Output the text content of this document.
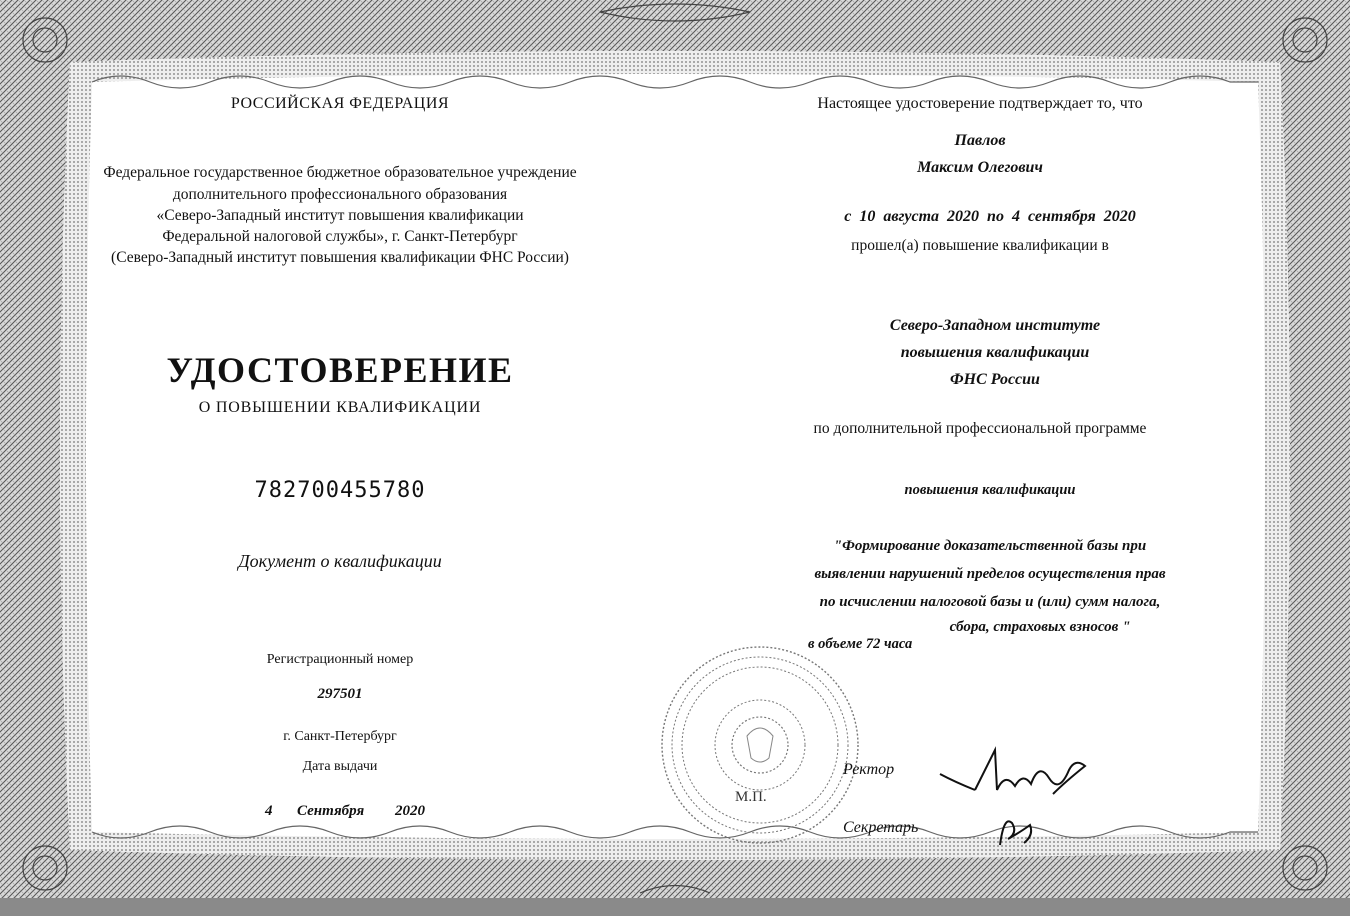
РОССИЙСКАЯ ФЕДЕРАЦИЯ
Федеральное государственное бюджетное образовательное учреждение
дополнительного профессионального образования
«Северо-Западный институт повышения квалификации
Федеральной налоговой службы», г. Санкт-Петербург
(Северо-Западный институт повышения квалификации ФНС России)
УДОСТОВЕРЕНИЕ
О ПОВЫШЕНИИ КВАЛИФИКАЦИИ
782700455780
Документ о квалификации
Регистрационный номер
297501
г. Санкт-Петербург
Дата выдачи
4 Сентября 2020
Настоящее удостоверение подтверждает то, что
Павлов
Максим Олегович
с 10 августа 2020 по 4 сентября 2020
прошел(а) повышение квалификации в
Северо-Западном институте
повышения квалификации
ФНС России
по дополнительной профессиональной программе
повышения квалификации
"Формирование доказательственной базы при
выявлении нарушений пределов осуществления прав
по исчислении налоговой базы и (или) сумм налога,
сбора, страховых взносов "
в объеме 72 часа
М.П.
Ректор
Секретарь
